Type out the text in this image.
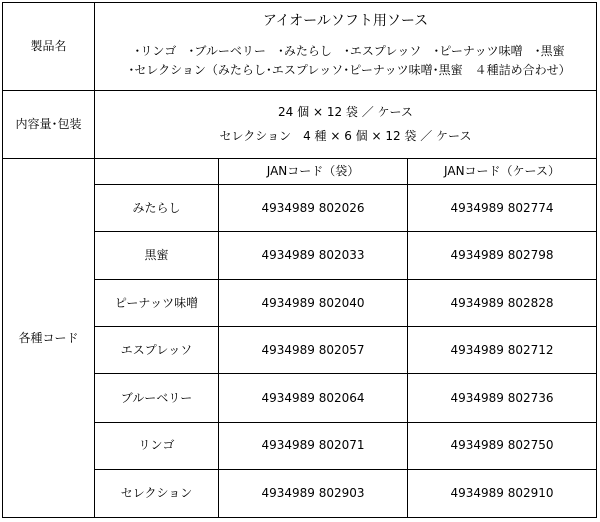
製品名	アイオールソフト用ソース
･リンゴ　･ブルーベリー　･みたらし　･エスプレッソ　･ピーナッツ味噌　･黒蜜
･セレクション（みたらし･エスプレッソ･ピーナッツ味噌･黒蜜　４種詰め合わせ）		

内容量･包装	24 個 × 12 袋 ／ ケース
セレクション　4 種 × 6 個 × 12 袋 ／ ケース		

各種コード		JANコード（袋）	JANコード（ケース）
	みたらし	4934989 802026	4934989 802774
	黒蜜	4934989 802033	4934989 802798
	ピーナッツ味噌	4934989 802040	4934989 802828
	エスプレッソ	4934989 802057	4934989 802712
	ブルーベリー	4934989 802064	4934989 802736
	リンゴ	4934989 802071	4934989 802750
	セレクション	4934989 802903	4934989 802910
